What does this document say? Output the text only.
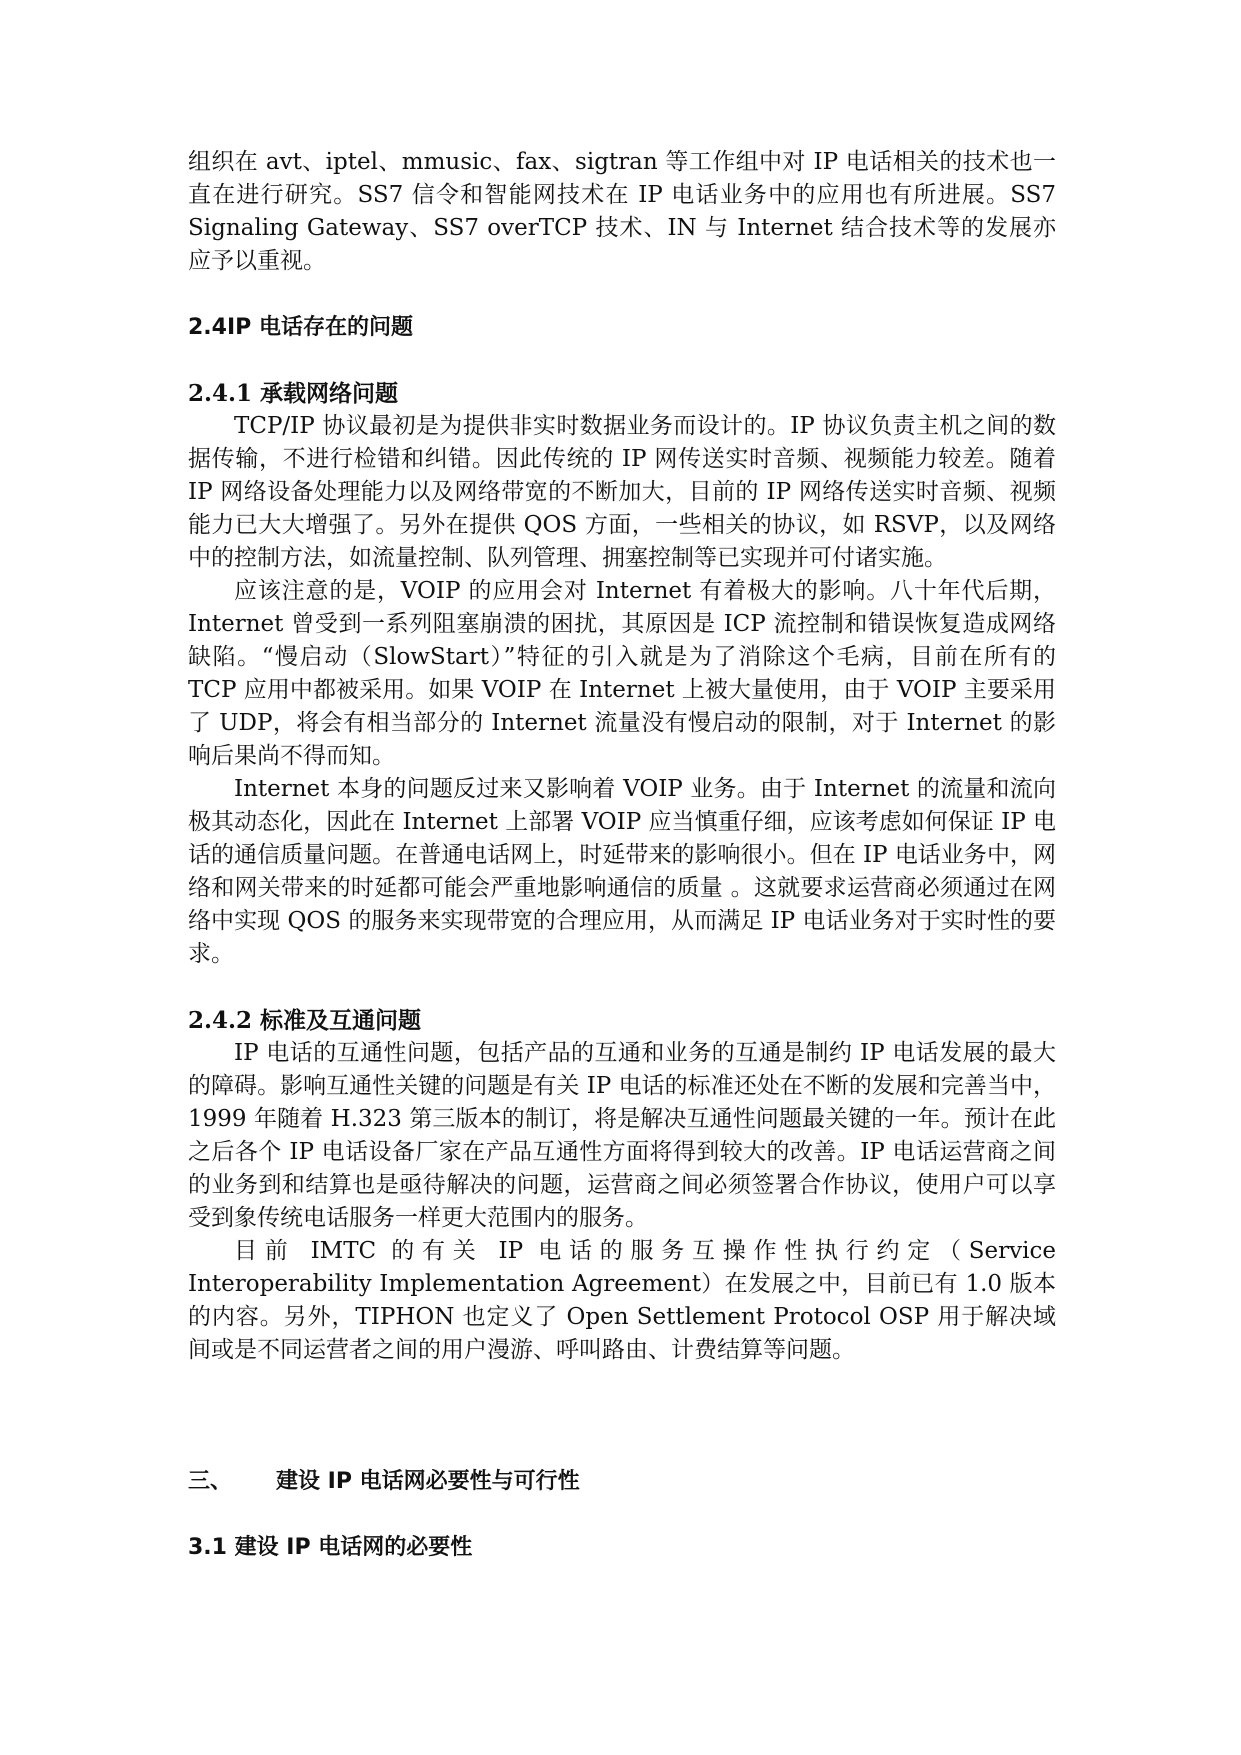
组织在 avt、iptel、mmusic、fax、sigtran 等工作组中对 IP 电话相关的技术也一直在进行研究。SS7 信令和智能网技术在 IP 电话业务中的应用也有所进展。SS7 Signaling Gateway、SS7 overTCP 技术、IN 与 Internet 结合技术等的发展亦应予以重视。

2.4IP 电话存在的问题
2.4.1 承载网络问题

TCP/IP 协议最初是为提供非实时数据业务而设计的。IP 协议负责主机之间的数据传输，不进行检错和纠错。因此传统的 IP 网传送实时音频、视频能力较差。随着 IP 网络设备处理能力以及网络带宽的不断加大，目前的 IP 网络传送实时音频、视频能力已大大增强了。另外在提供 QOS 方面，一些相关的协议，如 RSVP，以及网络中的控制方法，如流量控制、队列管理、拥塞控制等已实现并可付诸实施。

应该注意的是，VOIP 的应用会对 Internet 有着极大的影响。八十年代后期，Internet 曾受到一系列阻塞崩溃的困扰，其原因是 ICP 流控制和错误恢复造成网络缺陷。“慢启动（SlowStart）”特征的引入就是为了消除这个毛病，目前在所有的 TCP 应用中都被采用。如果 VOIP 在 Internet 上被大量使用，由于 VOIP 主要采用了 UDP，将会有相当部分的 Internet 流量没有慢启动的限制，对于 Internet 的影响后果尚不得而知。

Internet 本身的问题反过来又影响着 VOIP 业务。由于 Internet 的流量和流向极其动态化，因此在 Internet 上部署 VOIP 应当慎重仔细，应该考虑如何保证 IP 电话的通信质量问题。在普通电话网上，时延带来的影响很小。但在 IP 电话业务中，网络和网关带来的时延都可能会严重地影响通信的质量 。这就要求运营商必须通过在网络中实现 QOS 的服务来实现带宽的合理应用，从而满足 IP 电话业务对于实时性的要求。

2.4.2 标准及互通问题

IP 电话的互通性问题，包括产品的互通和业务的互通是制约 IP 电话发展的最大的障碍。影响互通性关键的问题是有关 IP 电话的标准还处在不断的发展和完善当中，1999 年随着 H.323 第三版本的制订，将是解决互通性问题最关键的一年。预计在此之后各个 IP 电话设备厂家在产品互通性方面将得到较大的改善。IP 电话运营商之间的业务到和结算也是亟待解决的问题，运营商之间必须签署合作协议，使用户可以享受到象传统电话服务一样更大范围内的服务。

目前 IMTC 的有关 IP 电话的服务互操作性执行约定（Service Interoperability Implementation Agreement）在发展之中，目前已有 1.0 版本的内容。另外，TIPHON 也定义了 Open Settlement Protocol OSP 用于解决域间或是不同运营者之间的用户漫游、呼叫路由、计费结算等问题。

三、 建设 IP 电话网必要性与可行性
3.1 建设 IP 电话网的必要性
